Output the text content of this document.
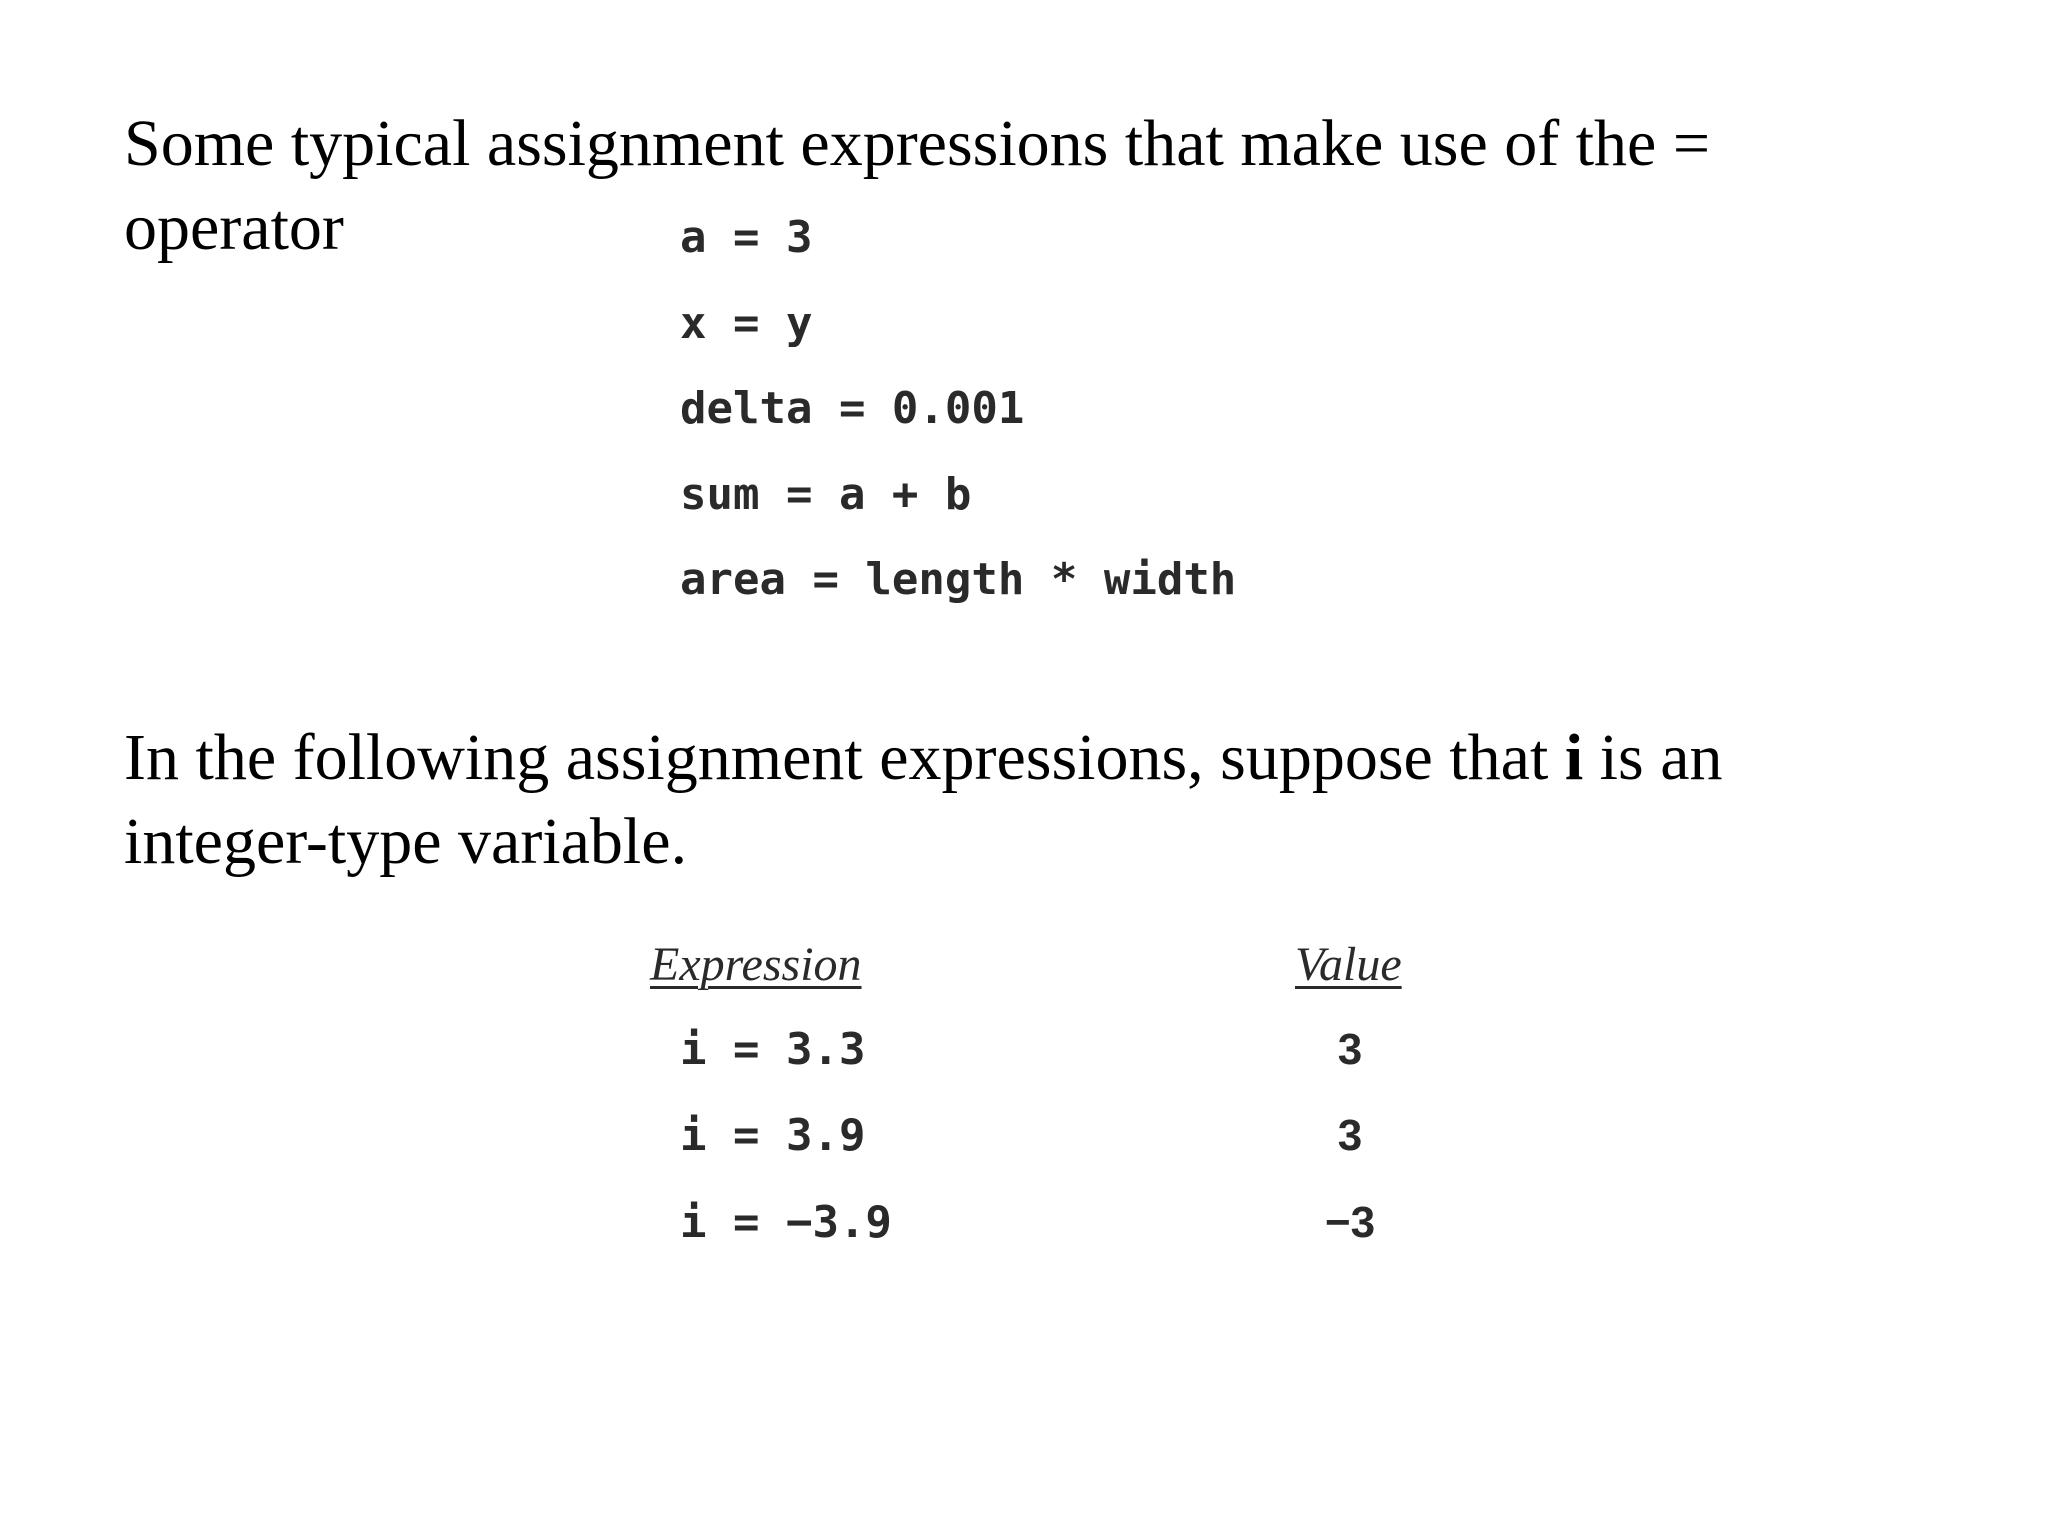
Some typical assignment expressions that make use of the =
operator	a = 3
x = y
delta = 0.001
sum = a + b
area = length * width

In the following assignment expressions, suppose that i is an
integer-type variable.

Expression	Value
i = 3.3	3
i = 3.9	3
i = −3.9	−3
